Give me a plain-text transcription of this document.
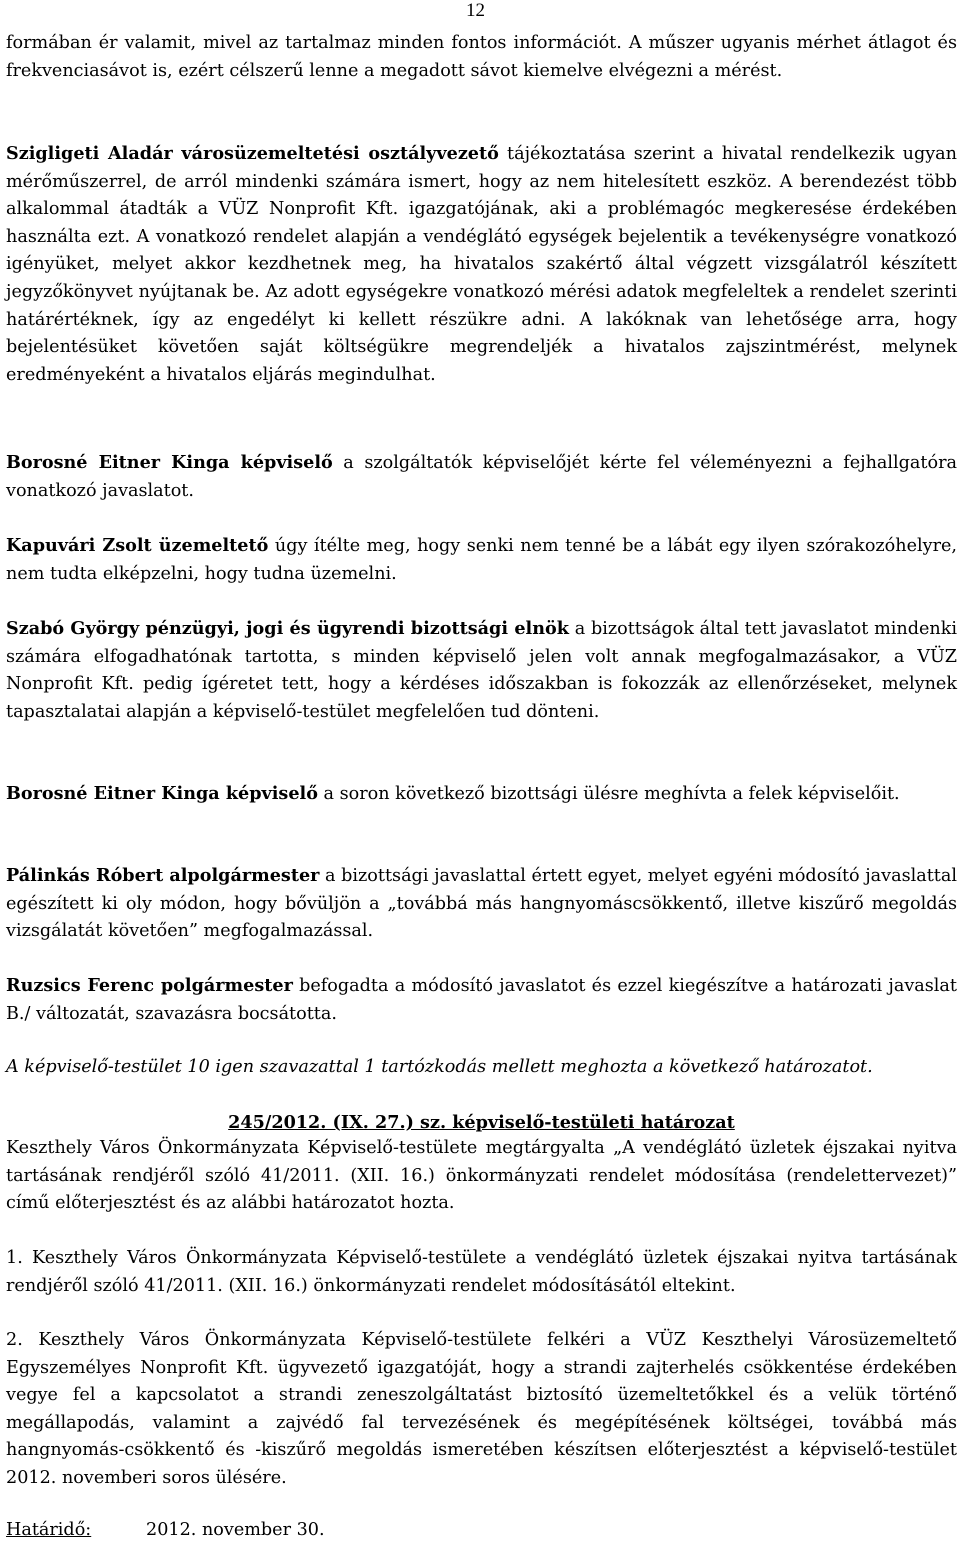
12

formában ér valamit, mivel az tartalmaz minden fontos információt. A műszer ugyanis mérhet átlagot és frekvenciasávot is, ezért célszerű lenne a megadott sávot kiemelve elvégezni a mérést.

Szigligeti Aladár városüzemeltetési osztályvezető tájékoztatása szerint a hivatal rendelkezik ugyan mérőműszerrel, de arról mindenki számára ismert, hogy az nem hitelesített eszköz. A berendezést több alkalommal átadták a VÜZ Nonprofit Kft. igazgatójának, aki a problémagóc megkeresése érdekében használta ezt. A vonatkozó rendelet alapján a vendéglátó egységek bejelentik a tevékenységre vonatkozó igényüket, melyet akkor kezdhetnek meg, ha hivatalos szakértő által végzett vizsgálatról készített jegyzőkönyvet nyújtanak be. Az adott egységekre vonatkozó mérési adatok megfeleltek a rendelet szerinti határértéknek, így az engedélyt ki kellett részükre adni. A lakóknak van lehetősége arra, hogy bejelentésüket követően saját költségükre megrendeljék a hivatalos zajszintmérést, melynek eredményeként a hivatalos eljárás megindulhat.

Borosné Eitner Kinga képviselő a szolgáltatók képviselőjét kérte fel véleményezni a fejhallgatóra vonatkozó javaslatot.

Kapuvári Zsolt üzemeltető úgy ítélte meg, hogy senki nem tenné be a lábát egy ilyen szórakozóhelyre, nem tudta elképzelni, hogy tudna üzemelni.

Szabó György pénzügyi, jogi és ügyrendi bizottsági elnök a bizottságok által tett javaslatot mindenki számára elfogadhatónak tartotta, s minden képviselő jelen volt annak megfogalmazásakor, a VÜZ Nonprofit Kft. pedig ígéretet tett, hogy a kérdéses időszakban is fokozzák az ellenőrzéseket, melynek tapasztalatai alapján a képviselő-testület megfelelően tud dönteni.

Borosné Eitner Kinga képviselő a soron következő bizottsági ülésre meghívta a felek képviselőit.

Pálinkás Róbert alpolgármester a bizottsági javaslattal értett egyet, melyet egyéni módosító javaslattal egészített ki oly módon, hogy bővüljön a „továbbá más hangnyomáscsökkentő, illetve kiszűrő megoldás vizsgálatát követően” megfogalmazással.

Ruzsics Ferenc polgármester befogadta a módosító javaslatot és ezzel kiegészítve a határozati javaslat B./ változatát, szavazásra bocsátotta.

A képviselő-testület 10 igen szavazattal 1 tartózkodás mellett meghozta a következő határozatot.

245/2012. (IX. 27.) sz. képviselő-testületi határozat

Keszthely Város Önkormányzata Képviselő-testülete megtárgyalta „A vendéglátó üzletek éjszakai nyitva tartásának rendjéről szóló 41/2011. (XII. 16.) önkormányzati rendelet módosítása (rendelettervezet)” című előterjesztést és az alábbi határozatot hozta.

1. Keszthely Város Önkormányzata Képviselő-testülete a vendéglátó üzletek éjszakai nyitva tartásának rendjéről szóló 41/2011. (XII. 16.) önkormányzati rendelet módosításától eltekint.

2. Keszthely Város Önkormányzata Képviselő-testülete felkéri a VÜZ Keszthelyi Városüzemeltető Egyszemélyes Nonprofit Kft. ügyvezető igazgatóját, hogy a strandi zajterhelés csökkentése érdekében vegye fel a kapcsolatot a strandi zeneszolgáltatást biztosító üzemeltetőkkel és a velük történő megállapodás, valamint a zajvédő fal tervezésének és megépítésének költségei, továbbá más hangnyomás-csökkentő és -kiszűrő megoldás ismeretében készítsen előterjesztést a képviselő-testület 2012. novemberi soros ülésére.

Határidő:	2012. november 30.
